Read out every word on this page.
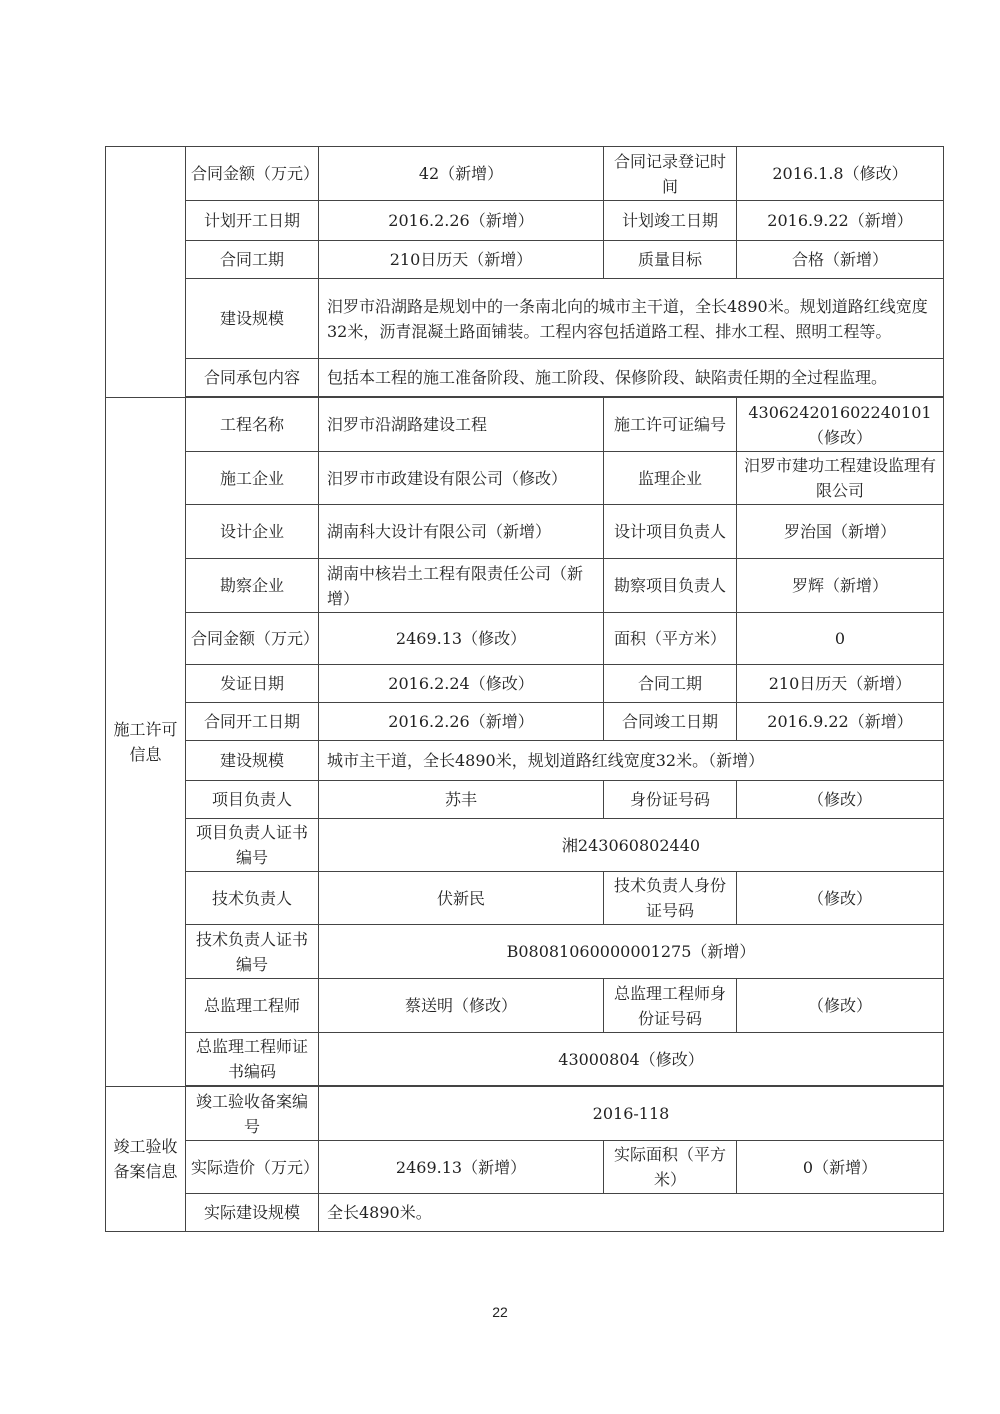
	合同金额（万元）	42（新增）	合同记录登记时间	2016.1.8（修改）
	计划开工日期	2016.2.26（新增）	计划竣工日期	2016.9.22（新增）
	合同工期	210日历天（新增）	质量目标	合格（新增）
	建设规模	汨罗市沿湖路是规划中的一条南北向的城市主干道，全长4890米。规划道路红线宽度32米，沥青混凝土路面铺装。工程内容包括道路工程、排水工程、照明工程等。		
	合同承包内容	包括本工程的施工准备阶段、施工阶段、保修阶段、缺陷责任期的全过程监理。		

施工许可信息	工程名称	汨罗市沿湖路建设工程	施工许可证编号	430624201602240101（修改）
	施工企业	汨罗市市政建设有限公司（修改）	监理企业	汨罗市建功工程建设监理有限公司
	设计企业	湖南科大设计有限公司（新增）	设计项目负责人	罗治国（新增）
	勘察企业	湖南中核岩土工程有限责任公司（新增）	勘察项目负责人	罗辉（新增）
	合同金额（万元）	2469.13（修改）	面积（平方米）	0
	发证日期	2016.2.24（修改）	合同工期	210日历天（新增）
	合同开工日期	2016.2.26（新增）	合同竣工日期	2016.9.22（新增）
	建设规模	城市主干道，全长4890米，规划道路红线宽度32米。（新增）		
	项目负责人	苏丰	身份证号码	（修改）
	项目负责人证书编号	湘243060802440		
	技术负责人	伏新民	技术负责人身份证号码	（修改）
	技术负责人证书编号	B08081060000001275（新增）		
	总监理工程师	蔡送明（修改）	总监理工程师身份证号码	（修改）
	总监理工程师证书编码	43000804（修改）		

竣工验收备案信息	竣工验收备案编号	2016-118		
	实际造价（万元）	2469.13（新增）	实际面积（平方米）	0（新增）
	实际建设规模	全长4890米。		
22
